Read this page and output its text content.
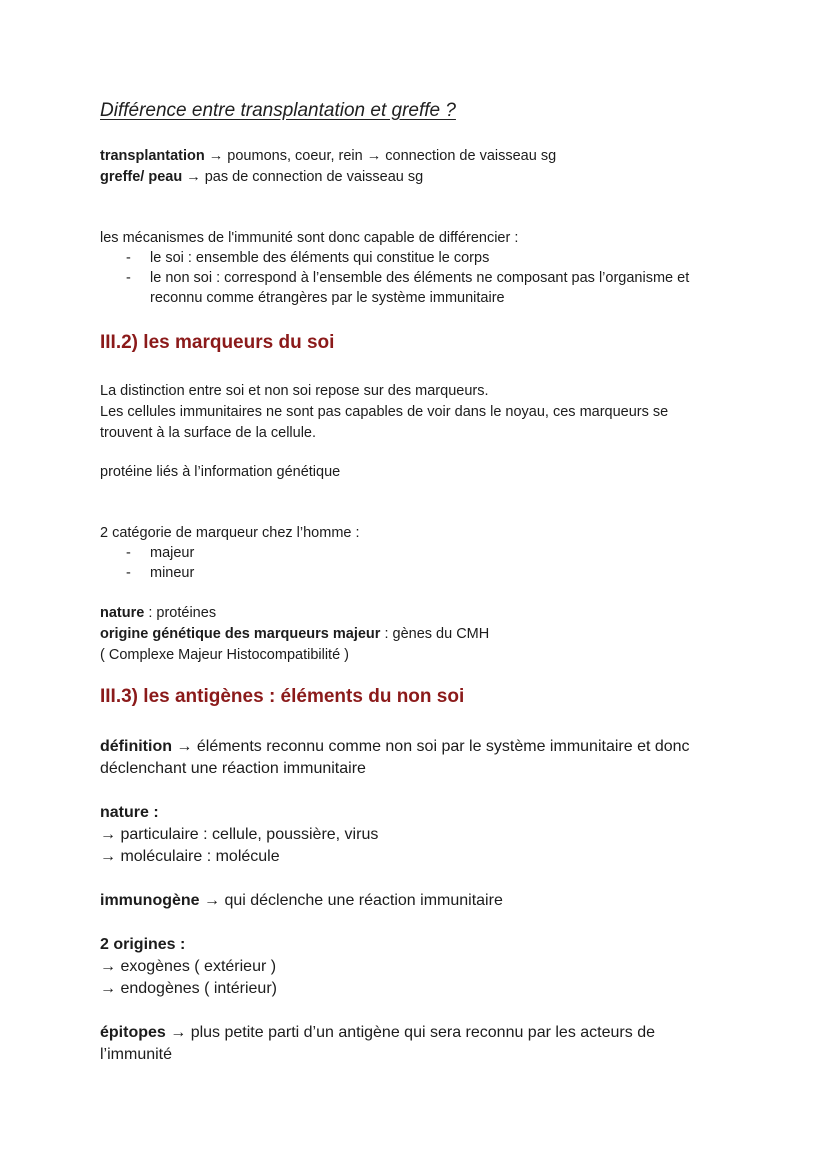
Différence entre transplantation et greffe ?

transplantation → poumons, coeur, rein → connection de vaisseau sg

greffe/ peau → pas de connection de vaisseau sg

les mécanismes de l'immunité sont donc capable de différencier :

- le soi : ensemble des éléments qui constitue le corps

- le non soi : correspond à l’ensemble des éléments ne composant pas l’organisme et

reconnu comme étrangères par le système immunitaire

III.2) les marqueurs du soi

La distinction entre soi et non soi repose sur des marqueurs.

Les cellules immunitaires ne sont pas capables de voir dans le noyau, ces marqueurs se

trouvent à la surface de la cellule.

protéine liés à l’information génétique

2 catégorie de marqueur chez l’homme :

- majeur

- mineur

nature : protéines

origine génétique des marqueurs majeur : gènes du CMH

( Complexe Majeur Histocompatibilité )

III.3) les antigènes : éléments du non soi

définition → éléments reconnu comme non soi par le système immunitaire et donc

déclenchant une réaction immunitaire

nature :

→ particulaire : cellule, poussière, virus

→ moléculaire : molécule

immunogène → qui déclenche une réaction immunitaire

2 origines :

→ exogènes ( extérieur )

→ endogènes ( intérieur)

épitopes → plus petite parti d’un antigène qui sera reconnu par les acteurs de

l’immunité
